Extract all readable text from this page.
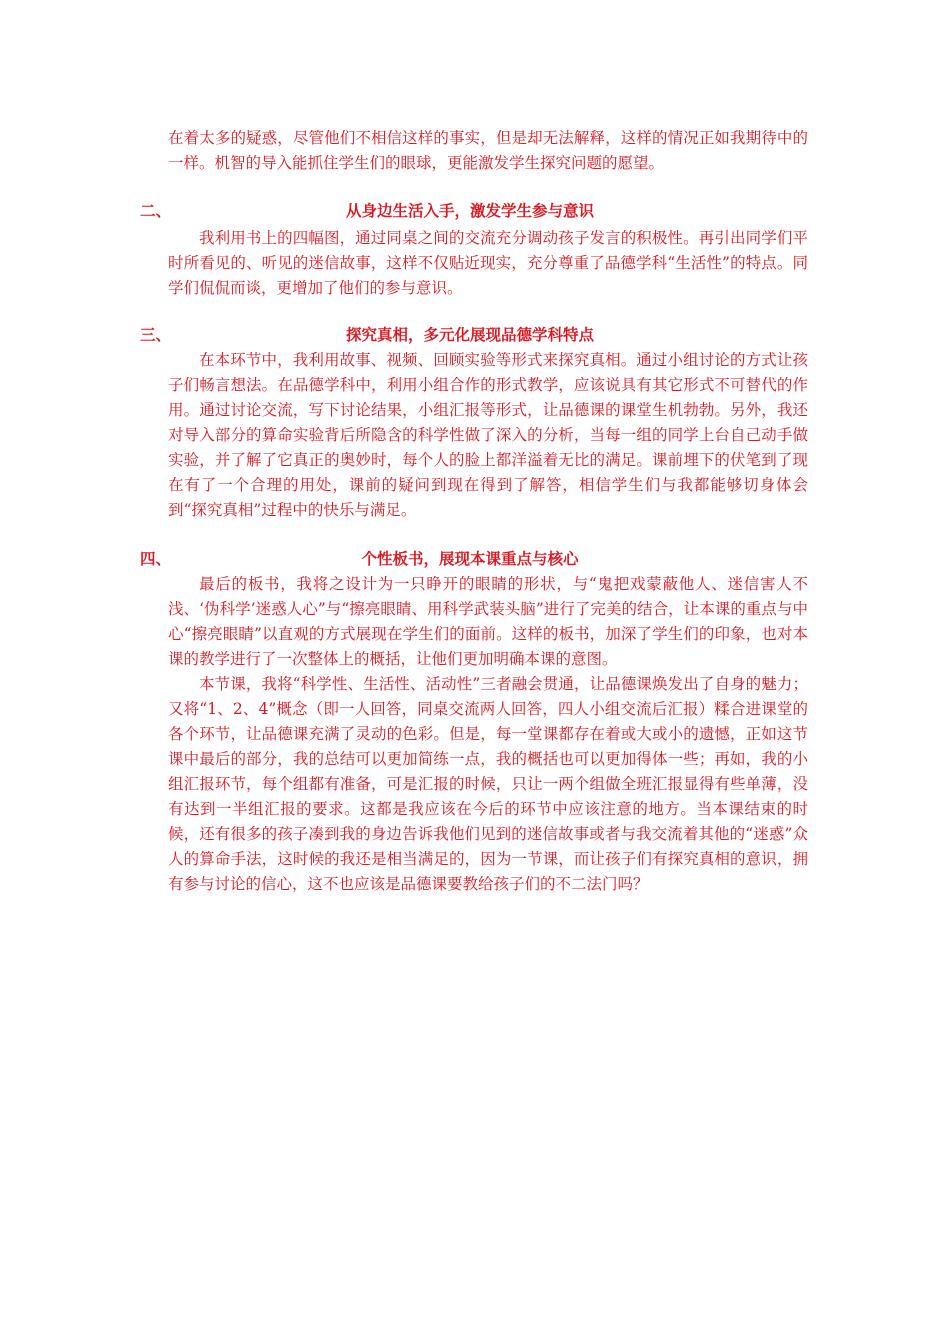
在着太多的疑惑，尽管他们不相信这样的事实，但是却无法解释，这样的情况正如我期待中的一样。机智的导入能抓住学生们的眼球，更能激发学生探究问题的愿望。

二、	从身边生活入手，激发学生参与意识

我利用书上的四幅图，通过同桌之间的交流充分调动孩子发言的积极性。再引出同学们平时所看见的、听见的迷信故事，这样不仅贴近现实，充分尊重了品德学科“生活性”的特点。同学们侃侃而谈，更增加了他们的参与意识。

三、	探究真相，多元化展现品德学科特点

在本环节中，我利用故事、视频、回顾实验等形式来探究真相。通过小组讨论的方式让孩子们畅言想法。在品德学科中，利用小组合作的形式教学，应该说具有其它形式不可替代的作用。通过讨论交流，写下讨论结果，小组汇报等形式，让品德课的课堂生机勃勃。另外，我还对导入部分的算命实验背后所隐含的科学性做了深入的分析，当每一组的同学上台自己动手做实验，并了解了它真正的奥妙时，每个人的脸上都洋溢着无比的满足。课前埋下的伏笔到了现在有了一个合理的用处，课前的疑问到现在得到了解答，相信学生们与我都能够切身体会到“探究真相”过程中的快乐与满足。

四、	个性板书，展现本课重点与核心

最后的板书，我将之设计为一只睁开的眼睛的形状，与“鬼把戏蒙蔽他人、迷信害人不浅、‘伪科学’迷惑人心”与“擦亮眼睛、用科学武装头脑”进行了完美的结合，让本课的重点与中心“擦亮眼睛”以直观的方式展现在学生们的面前。这样的板书，加深了学生们的印象，也对本课的教学进行了一次整体上的概括，让他们更加明确本课的意图。

本节课，我将“科学性、生活性、活动性”三者融会贯通，让品德课焕发出了自身的魅力；又将“1、2、4”概念（即一人回答，同桌交流两人回答，四人小组交流后汇报）糅合进课堂的各个环节，让品德课充满了灵动的色彩。但是，每一堂课都存在着或大或小的遗憾，正如这节课中最后的部分，我的总结可以更加简练一点，我的概括也可以更加得体一些；再如，我的小组汇报环节，每个组都有准备，可是汇报的时候，只让一两个组做全班汇报显得有些单薄，没有达到一半组汇报的要求。这都是我应该在今后的环节中应该注意的地方。当本课结束的时候，还有很多的孩子凑到我的身边告诉我他们见到的迷信故事或者与我交流着其他的“迷惑”众人的算命手法，这时候的我还是相当满足的，因为一节课，而让孩子们有探究真相的意识，拥有参与讨论的信心，这不也应该是品德课要教给孩子们的不二法门吗？
